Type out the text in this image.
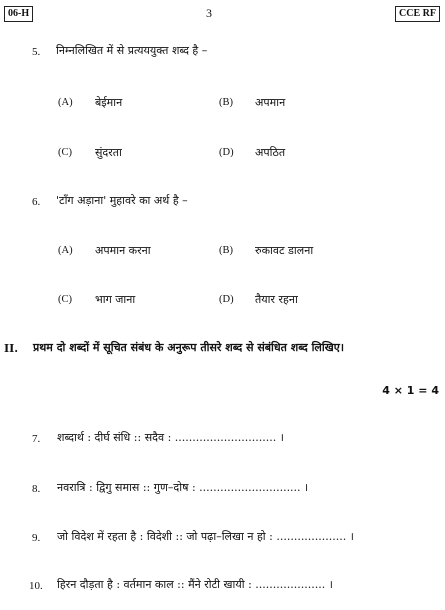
06-H	3	CCE RF
5. निम्नलिखित में से प्रत्यययुक्त शब्द है –
(A) बेईमान	(B) अपमान
(C) सुंदरता	(D) अपठित
6. 'टाँग अड़ाना' मुहावरे का अर्थ है –
(A) अपमान करना	(B) रुकावट डालना
(C) भाग जाना	(D) तैयार रहना
II. प्रथम दो शब्दों में सूचित संबंध के अनुरूप तीसरे शब्द से संबंधित शब्द लिखिए।
4 × 1 = 4
7. शब्दार्थ : दीर्घ संधि :: सदैव : ............................. ।
8. नवरात्रि : द्विगु समास :: गुण–दोष : ............................. ।
9. जो विदेश में रहता है : विदेशी :: जो पढ़ा–लिखा न हो : .................... ।
10. हिरन दौड़ता है : वर्तमान काल :: मैंने रोटी खायी : .................... ।
